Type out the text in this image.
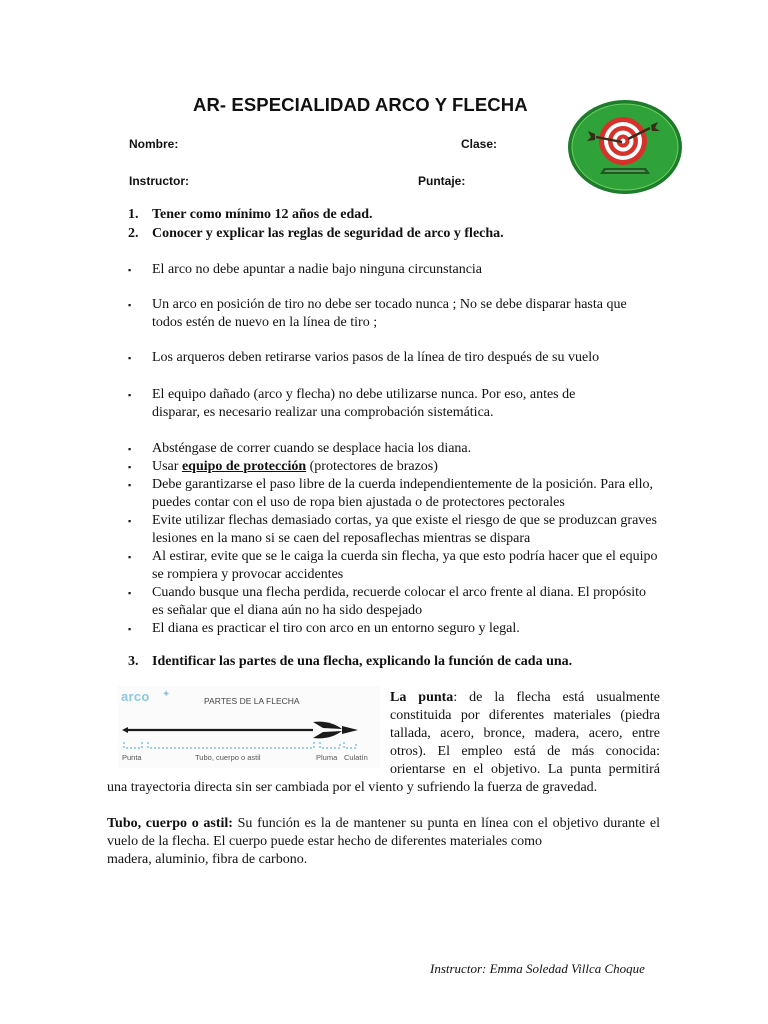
AR- ESPECIALIDAD ARCO Y FLECHA
Nombre:	Clase:
Instructor:	Puntaje:
1. Tener como mínimo 12 años de edad.
2. Conocer y explicar las reglas de seguridad de arco y flecha.
▪ El arco no debe apuntar a nadie bajo ninguna circunstancia
▪ Un arco en posición de tiro no debe ser tocado nunca ; No se debe disparar hasta que todos estén de nuevo en la línea de tiro ;
▪ Los arqueros deben retirarse varios pasos de la línea de tiro después de su vuelo
▪ El equipo dañado (arco y flecha) no debe utilizarse nunca. Por eso, antes de disparar, es necesario realizar una comprobación sistemática.
▪ Absténgase de correr cuando se desplace hacia los diana.
▪ Usar equipo de protección (protectores de brazos)
▪ Debe garantizarse el paso libre de la cuerda independientemente de la posición. Para ello, puedes contar con el uso de ropa bien ajustada o de protectores pectorales
▪ Evite utilizar flechas demasiado cortas, ya que existe el riesgo de que se produzcan graves lesiones en la mano si se caen del reposaflechas mientras se dispara
▪ Al estirar, evite que se le caiga la cuerda sin flecha, ya que esto podría hacer que el equipo se rompiera y provocar accidentes
▪ Cuando busque una flecha perdida, recuerde colocar el arco frente al diana. El propósito es señalar que el diana aún no ha sido despejado
▪ El diana es practicar el tiro con arco en un entorno seguro y legal.
3. Identificar las partes de una flecha, explicando la función de cada una.
arco ✦
PARTES DE LA FLECHA
Punta	Tubo, cuerpo o astil	Pluma Culatín
La punta: de la flecha está usualmente constituida por diferentes materiales (piedra tallada, acero, bronce, madera, acero, entre otros). El empleo está de más conocida: orientarse en el objetivo. La punta permitirá
una trayectoria directa sin ser cambiada por el viento y sufriendo la fuerza de gravedad.
Tubo, cuerpo o astil: Su función es la de mantener su punta en línea con el objetivo durante el vuelo de la flecha. El cuerpo puede estar hecho de diferentes materiales como
madera, aluminio, fibra de carbono.
Instructor: Emma Soledad Villca Choque
